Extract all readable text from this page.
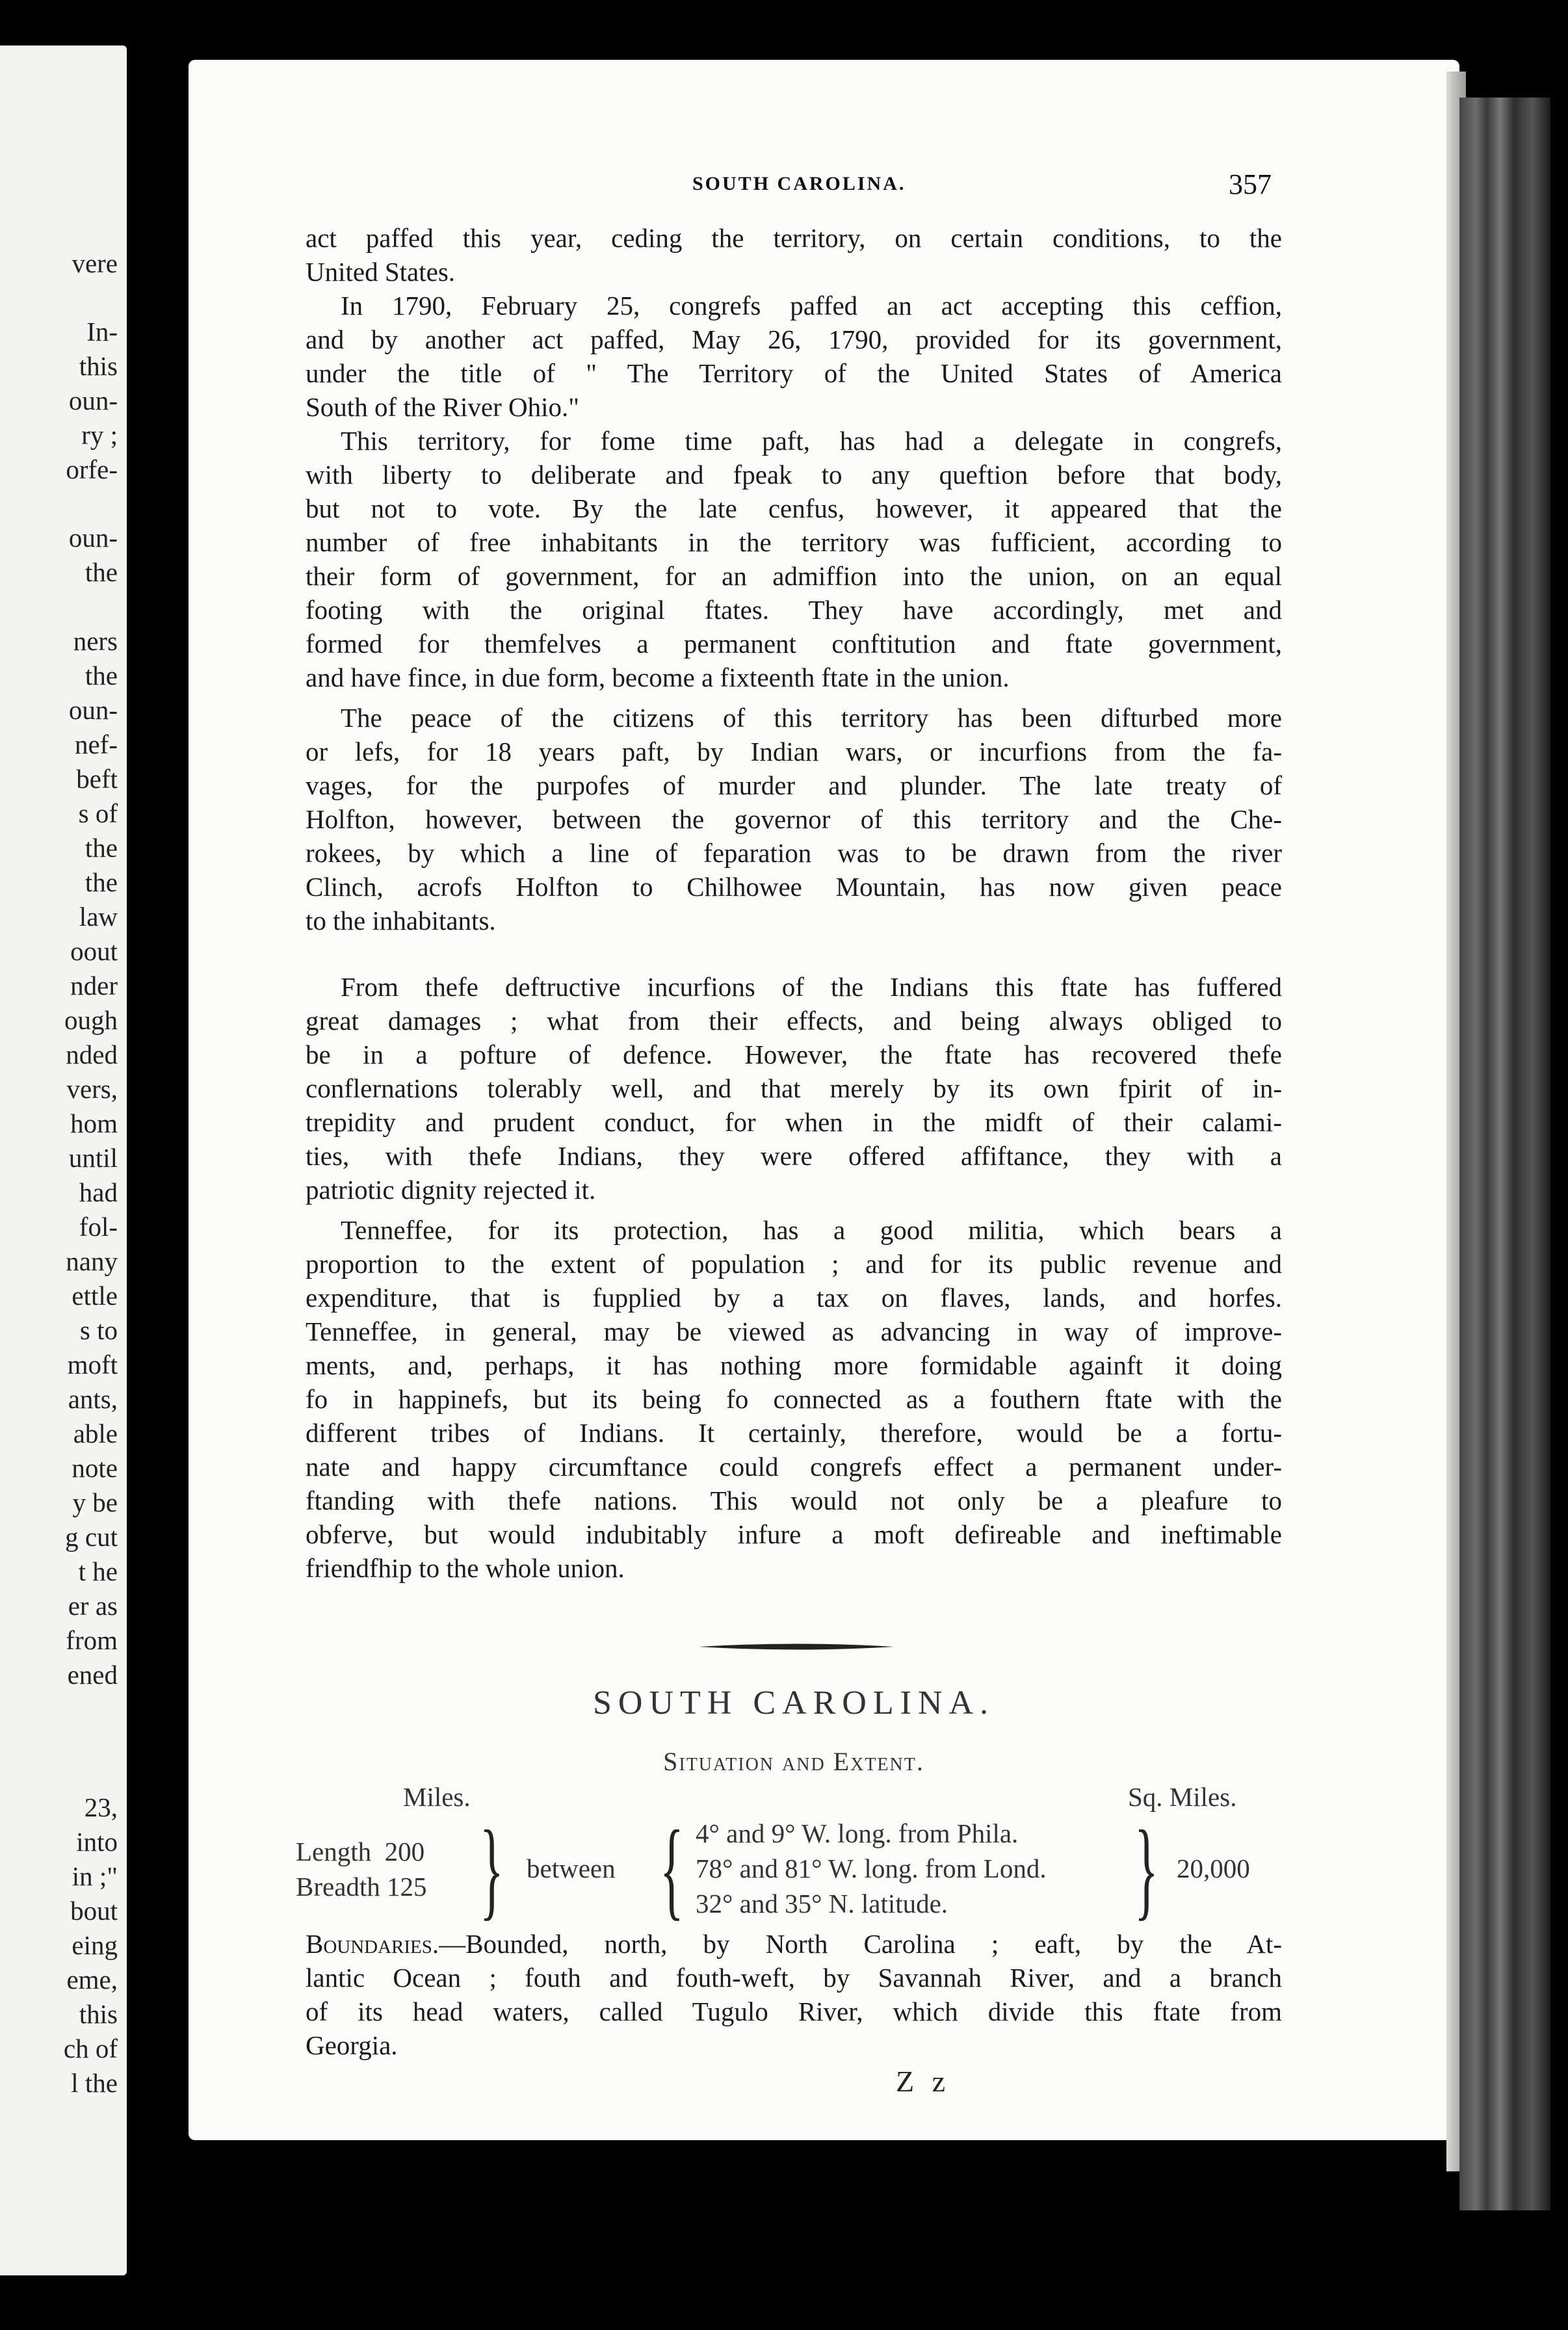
vere
In-
this
oun-
ry ;
orfe-
oun-
the
ners
the
oun-
nef-
beft
s of
the
the
law
oout
nder
ough
nded
vers,
hom
until
had
fol-
nany
ettle
s to
moft
ants,
able
note
y be
g cut
t he
er as
from
ened
23,
into
in ;"
bout
eing
eme,
this
ch of
l the
SOUTH CAROLINA.	357
act paffed this year, ceding the territory, on certain conditions, to the
United States.
In 1790, February 25, congrefs paffed an act accepting this ceffion,
and by another act paffed, May 26, 1790, provided for its government,
under the title of " The Territory of the United States of America
South of the River Ohio."
This territory, for fome time paft, has had a delegate in congrefs,
with liberty to deliberate and fpeak to any queftion before that body,
but not to vote. By the late cenfus, however, it appeared that the
number of free inhabitants in the territory was fufficient, according to
their form of government, for an admiffion into the union, on an equal
footing with the original ftates. They have accordingly, met and
formed for themfelves a permanent conftitution and ftate government,
and have fince, in due form, become a fixteenth ftate in the union.
The peace of the citizens of this territory has been difturbed more
or lefs, for 18 years paft, by Indian wars, or incurfions from the fa-
vages, for the purpofes of murder and plunder. The late treaty of
Holfton, however, between the governor of this territory and the Che-
rokees, by which a line of feparation was to be drawn from the river
Clinch, acrofs Holfton to Chilhowee Mountain, has now given peace
to the inhabitants.
From thefe deftructive incurfions of the Indians this ftate has fuffered
great damages ; what from their effects, and being always obliged to
be in a pofture of defence. However, the ftate has recovered thefe
conflernations tolerably well, and that merely by its own fpirit of in-
trepidity and prudent conduct, for when in the midft of their calami-
ties, with thefe Indians, they were offered affiftance, they with a
patriotic dignity rejected it.
Tenneffee, for its protection, has a good militia, which bears a
proportion to the extent of population ; and for its public revenue and
expenditure, that is fupplied by a tax on flaves, lands, and horfes.
Tenneffee, in general, may be viewed as advancing in way of improve-
ments, and, perhaps, it has nothing more formidable againft it doing
fo in happinefs, but its being fo connected as a fouthern ftate with the
different tribes of Indians. It certainly, therefore, would be a fortu-
nate and happy circumftance could congrefs effect a permanent under-
ftanding with thefe nations. This would not only be a pleafure to
obferve, but would indubitably infure a moft defireable and ineftimable
friendfhip to the whole union.
SOUTH CAROLINA.
Situation and Extent.
Miles.	Sq. Miles.
Length  200
Breadth 125 } between { 4° and 9° W. long. from Phila.
78° and 81° W. long. from Lond.
32° and 35° N. latitude. } 20,000
Boundaries.—Bounded, north, by North Carolina ; eaft, by the At-
lantic Ocean ; fouth and fouth-weft, by Savannah River, and a branch
of its head waters, called Tugulo River, which divide this ftate from
Georgia.
Z z
